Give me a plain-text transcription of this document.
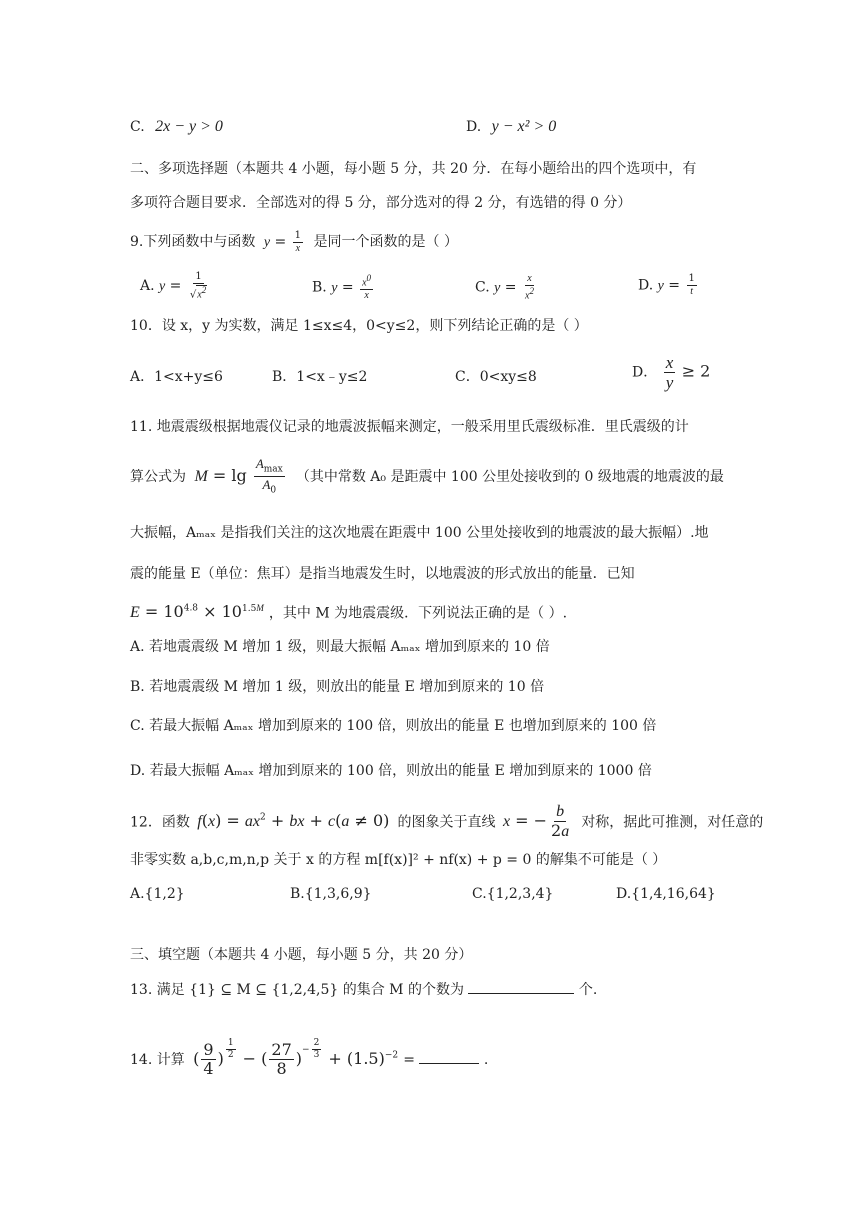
C. 2x − y > 0	D. y − x² > 0
二、多项选择题（本题共 4 小题，每小题 5 分，共 20 分．在每小题给出的四个选项中，有
多项符合题目要求．全部选对的得 5 分，部分选对的得 2 分，有选错的得 0 分）
9.下列函数中与函数 $y = \frac{1}{x}$ 是同一个函数的是（ ）
A. $y = \frac{1}{√x^2}$	B. $y = \frac{x^0}{x}$	C. $y = \frac{x}{x^2}$	D. $y = \frac{1}{t}$
10．设 x，y 为实数，满足 1≤x≤4，0<y≤2，则下列结论正确的是（ ）
A．1<x+y≤6	B．1<x﹣y≤2	C．0<xy≤8	D． $\frac{x}{y} \ge 2$
11. 地震震级根据地震仪记录的地震波振幅来测定，一般采用里氏震级标准．里氏震级的计
算公式为 $M = \lg \frac{A_{max}}{A_0}$ （其中常数 A₀ 是距震中 100 公里处接收到的 0 级地震的地震波的最
大振幅，Aₘₐₓ 是指我们关注的这次地震在距震中 100 公里处接收到的地震波的最大振幅）.地
震的能量 E（单位：焦耳）是指当地震发生时，以地震波的形式放出的能量．已知
$E = 10^{4.8} \times 10^{1.5M}$ ，其中 M 为地震震级．下列说法正确的是（ ）.
A. 若地震震级 M 增加 1 级，则最大振幅 Aₘₐₓ 增加到原来的 10 倍
B. 若地震震级 M 增加 1 级，则放出的能量 E 增加到原来的 10 倍
C. 若最大振幅 Aₘₐₓ 增加到原来的 100 倍，则放出的能量 E 也增加到原来的 100 倍
D. 若最大振幅 Aₘₐₓ 增加到原来的 100 倍，则放出的能量 E 增加到原来的 1000 倍
12．函数 $f(x) = ax^2$ + bx + c(a ≠ 0) 的图象关于直线 x = − $\frac{b}{2a}$ 对称，据此可推测，对任意的
非零实数 a,b,c,m,n,p 关于 x 的方程 m[f(x)]² + nf(x) + p = 0 的解集不可能是（ ）
A.{1,2}	B.{1,3,6,9}	C.{1,2,3,4}	D.{1,4,16,64}
三、填空题（本题共 4 小题，每小题 5 分，共 20 分）
13. 满足 {1} ⊆ M ⊆ {1,2,4,5} 的集合 M 的个数为	个.
14. 计算 ( $\frac{9}{4}$ ) $^{\frac{1}{2}}$ − ( $\frac{27}{8} )^{- \frac{2}{3}} + (1.5)^{-2}$ =	.
